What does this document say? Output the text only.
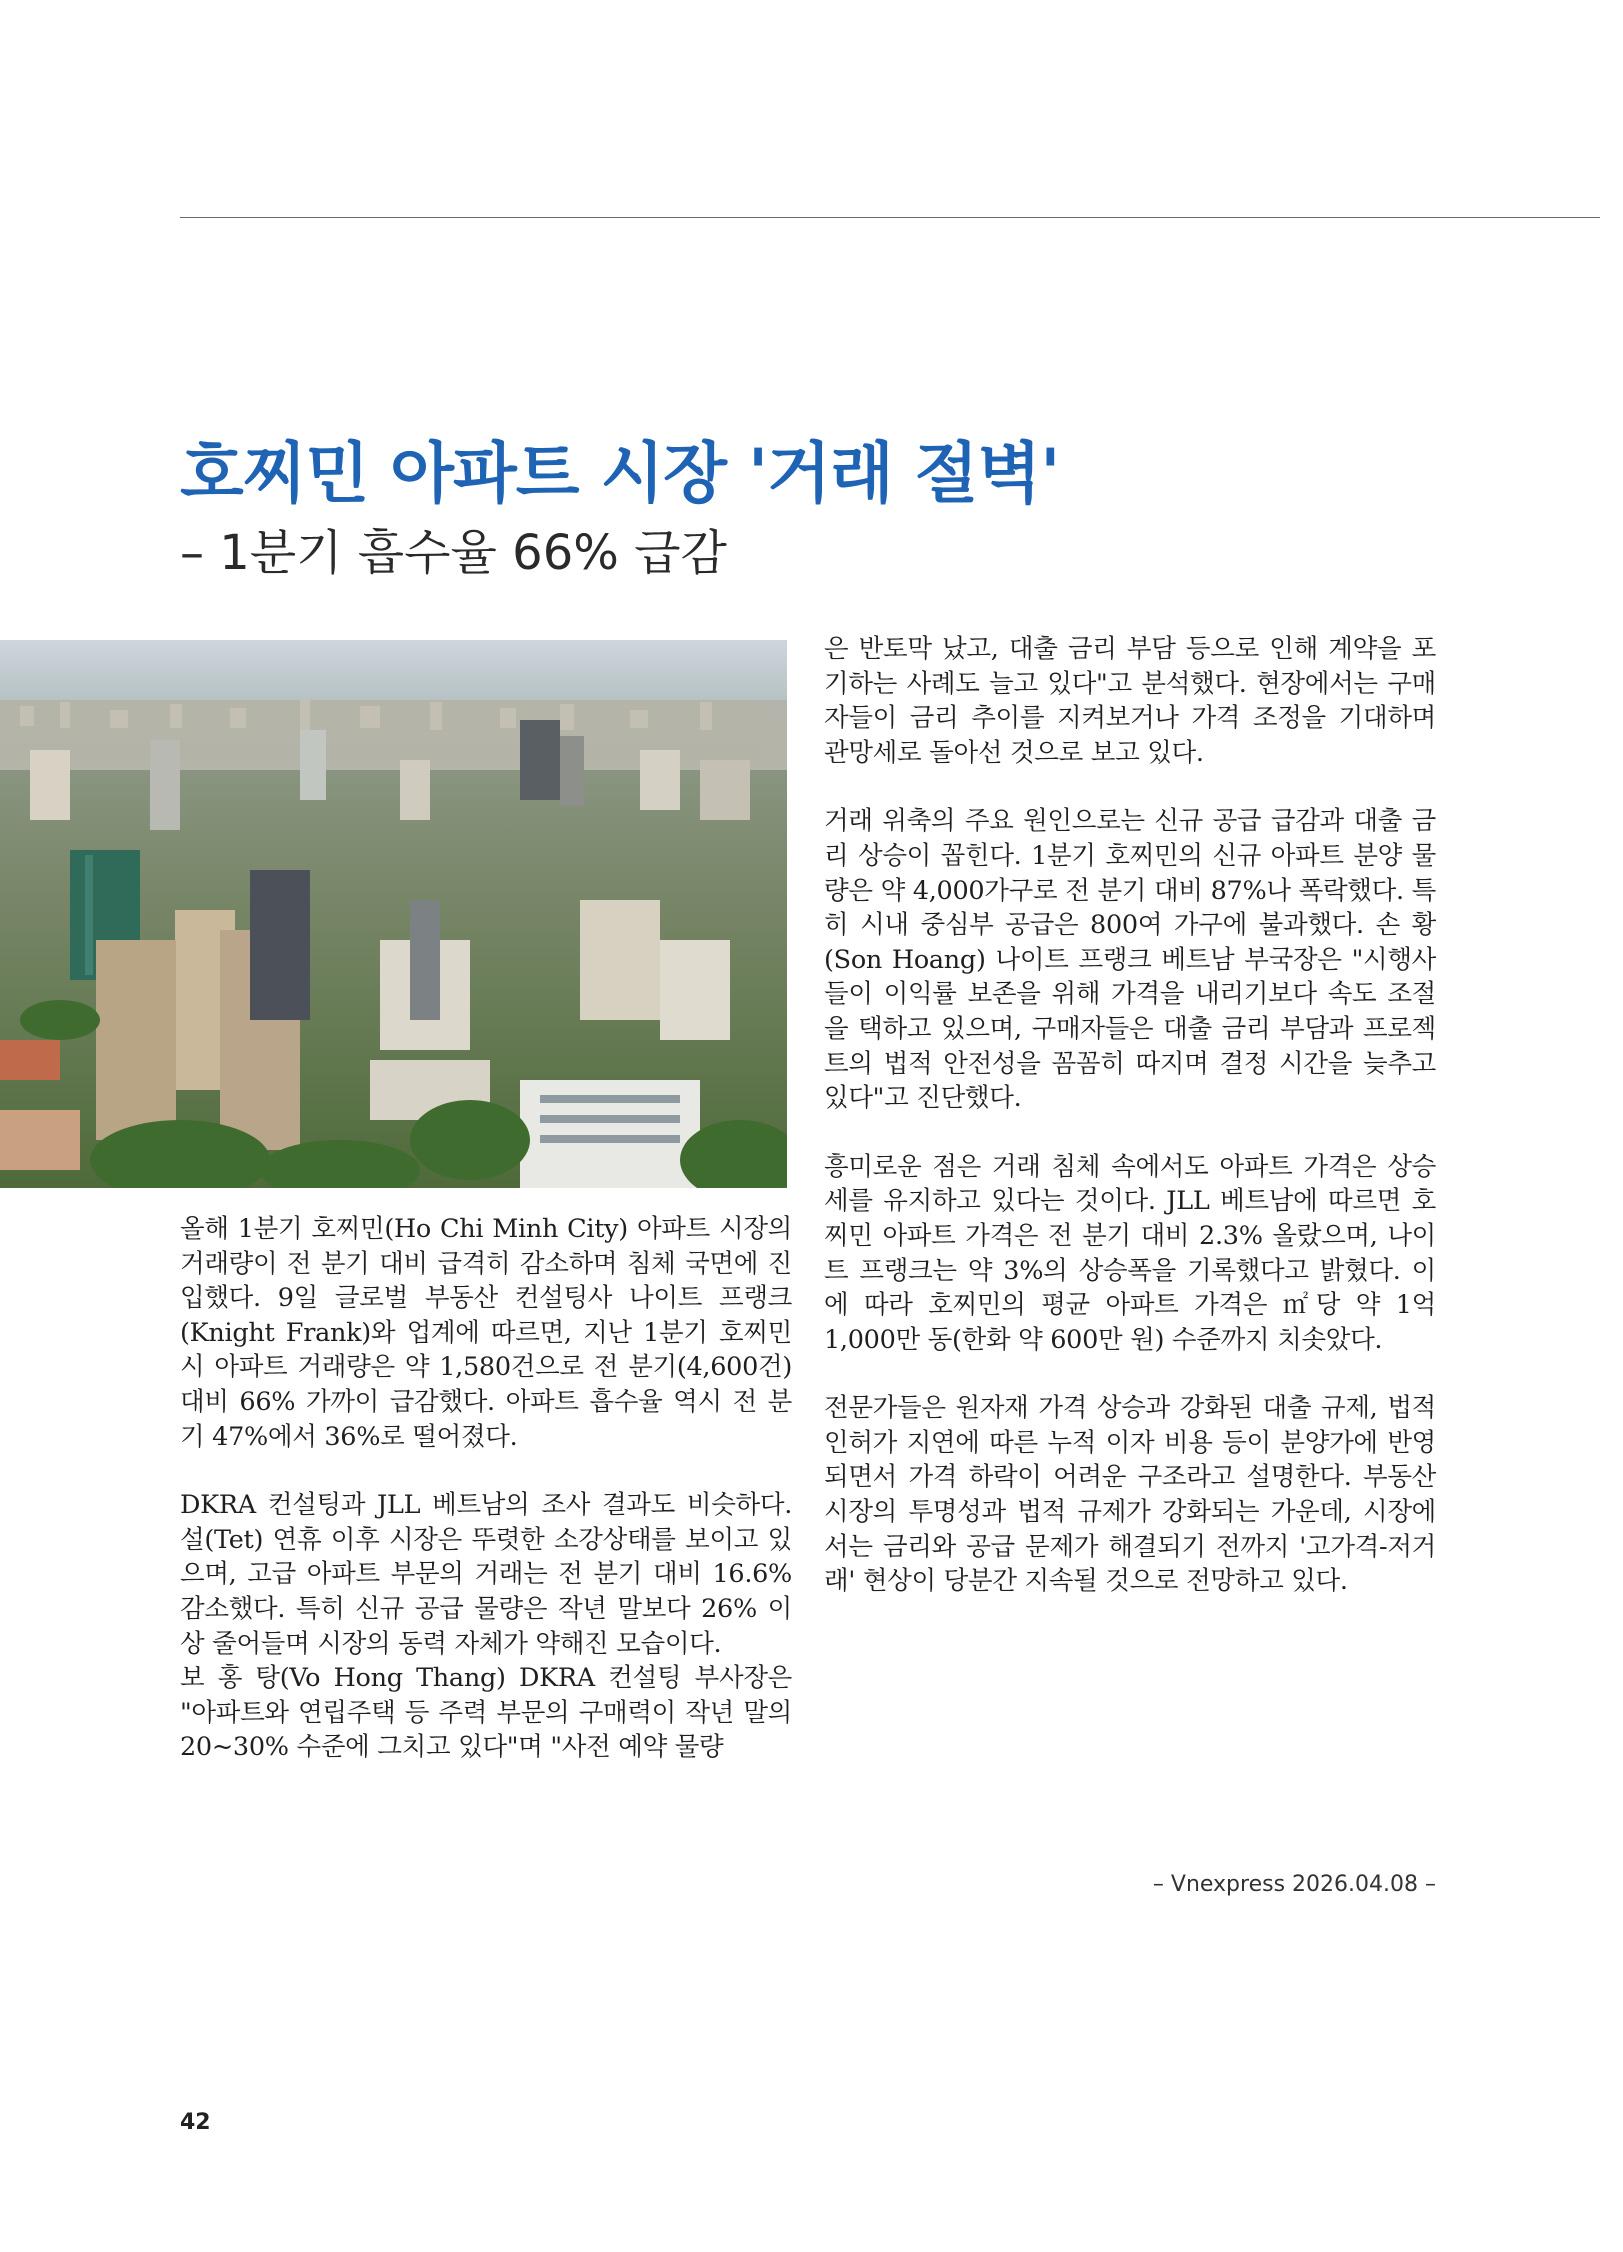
호찌민 아파트 시장 '거래 절벽'
– 1분기 흡수율 66% 급감

올해 1분기 호찌민(Ho Chi Minh City) 아파트 시장의 거래량이 전 분기 대비 급격히 감소하며 침체 국면에 진입했다. 9일 글로벌 부동산 컨설팅사 나이트 프랭크(Knight Frank)와 업계에 따르면, 지난 1분기 호찌민시 아파트 거래량은 약 1,580건으로 전 분기(4,600건) 대비 66% 가까이 급감했다. 아파트 흡수율 역시 전 분기 47%에서 36%로 떨어졌다.

DKRA 컨설팅과 JLL 베트남의 조사 결과도 비슷하다. 설(Tet) 연휴 이후 시장은 뚜렷한 소강상태를 보이고 있으며, 고급 아파트 부문의 거래는 전 분기 대비 16.6% 감소했다. 특히 신규 공급 물량은 작년 말보다 26% 이상 줄어들며 시장의 동력 자체가 약해진 모습이다.

보 홍 탕(Vo Hong Thang) DKRA 컨설팅 부사장은 "아파트와 연립주택 등 주력 부문의 구매력이 작년 말의 20~30% 수준에 그치고 있다"며 "사전 예약 물량

은 반토막 났고, 대출 금리 부담 등으로 인해 계약을 포기하는 사례도 늘고 있다"고 분석했다. 현장에서는 구매자들이 금리 추이를 지켜보거나 가격 조정을 기대하며 관망세로 돌아선 것으로 보고 있다.

거래 위축의 주요 원인으로는 신규 공급 급감과 대출 금리 상승이 꼽힌다. 1분기 호찌민의 신규 아파트 분양 물량은 약 4,000가구로 전 분기 대비 87%나 폭락했다. 특히 시내 중심부 공급은 800여 가구에 불과했다. 손 황(Son Hoang) 나이트 프랭크 베트남 부국장은 "시행사들이 이익률 보존을 위해 가격을 내리기보다 속도 조절을 택하고 있으며, 구매자들은 대출 금리 부담과 프로젝트의 법적 안전성을 꼼꼼히 따지며 결정 시간을 늦추고 있다"고 진단했다.

흥미로운 점은 거래 침체 속에서도 아파트 가격은 상승세를 유지하고 있다는 것이다. JLL 베트남에 따르면 호찌민 아파트 가격은 전 분기 대비 2.3% 올랐으며, 나이트 프랭크는 약 3%의 상승폭을 기록했다고 밝혔다. 이에 따라 호찌민의 평균 아파트 가격은 ㎡당 약 1억 1,000만 동(한화 약 600만 원) 수준까지 치솟았다.

전문가들은 원자재 가격 상승과 강화된 대출 규제, 법적 인허가 지연에 따른 누적 이자 비용 등이 분양가에 반영되면서 가격 하락이 어려운 구조라고 설명한다. 부동산 시장의 투명성과 법적 규제가 강화되는 가운데, 시장에서는 금리와 공급 문제가 해결되기 전까지 '고가격-저거래' 현상이 당분간 지속될 것으로 전망하고 있다.

– Vnexpress 2026.04.08 –
42
